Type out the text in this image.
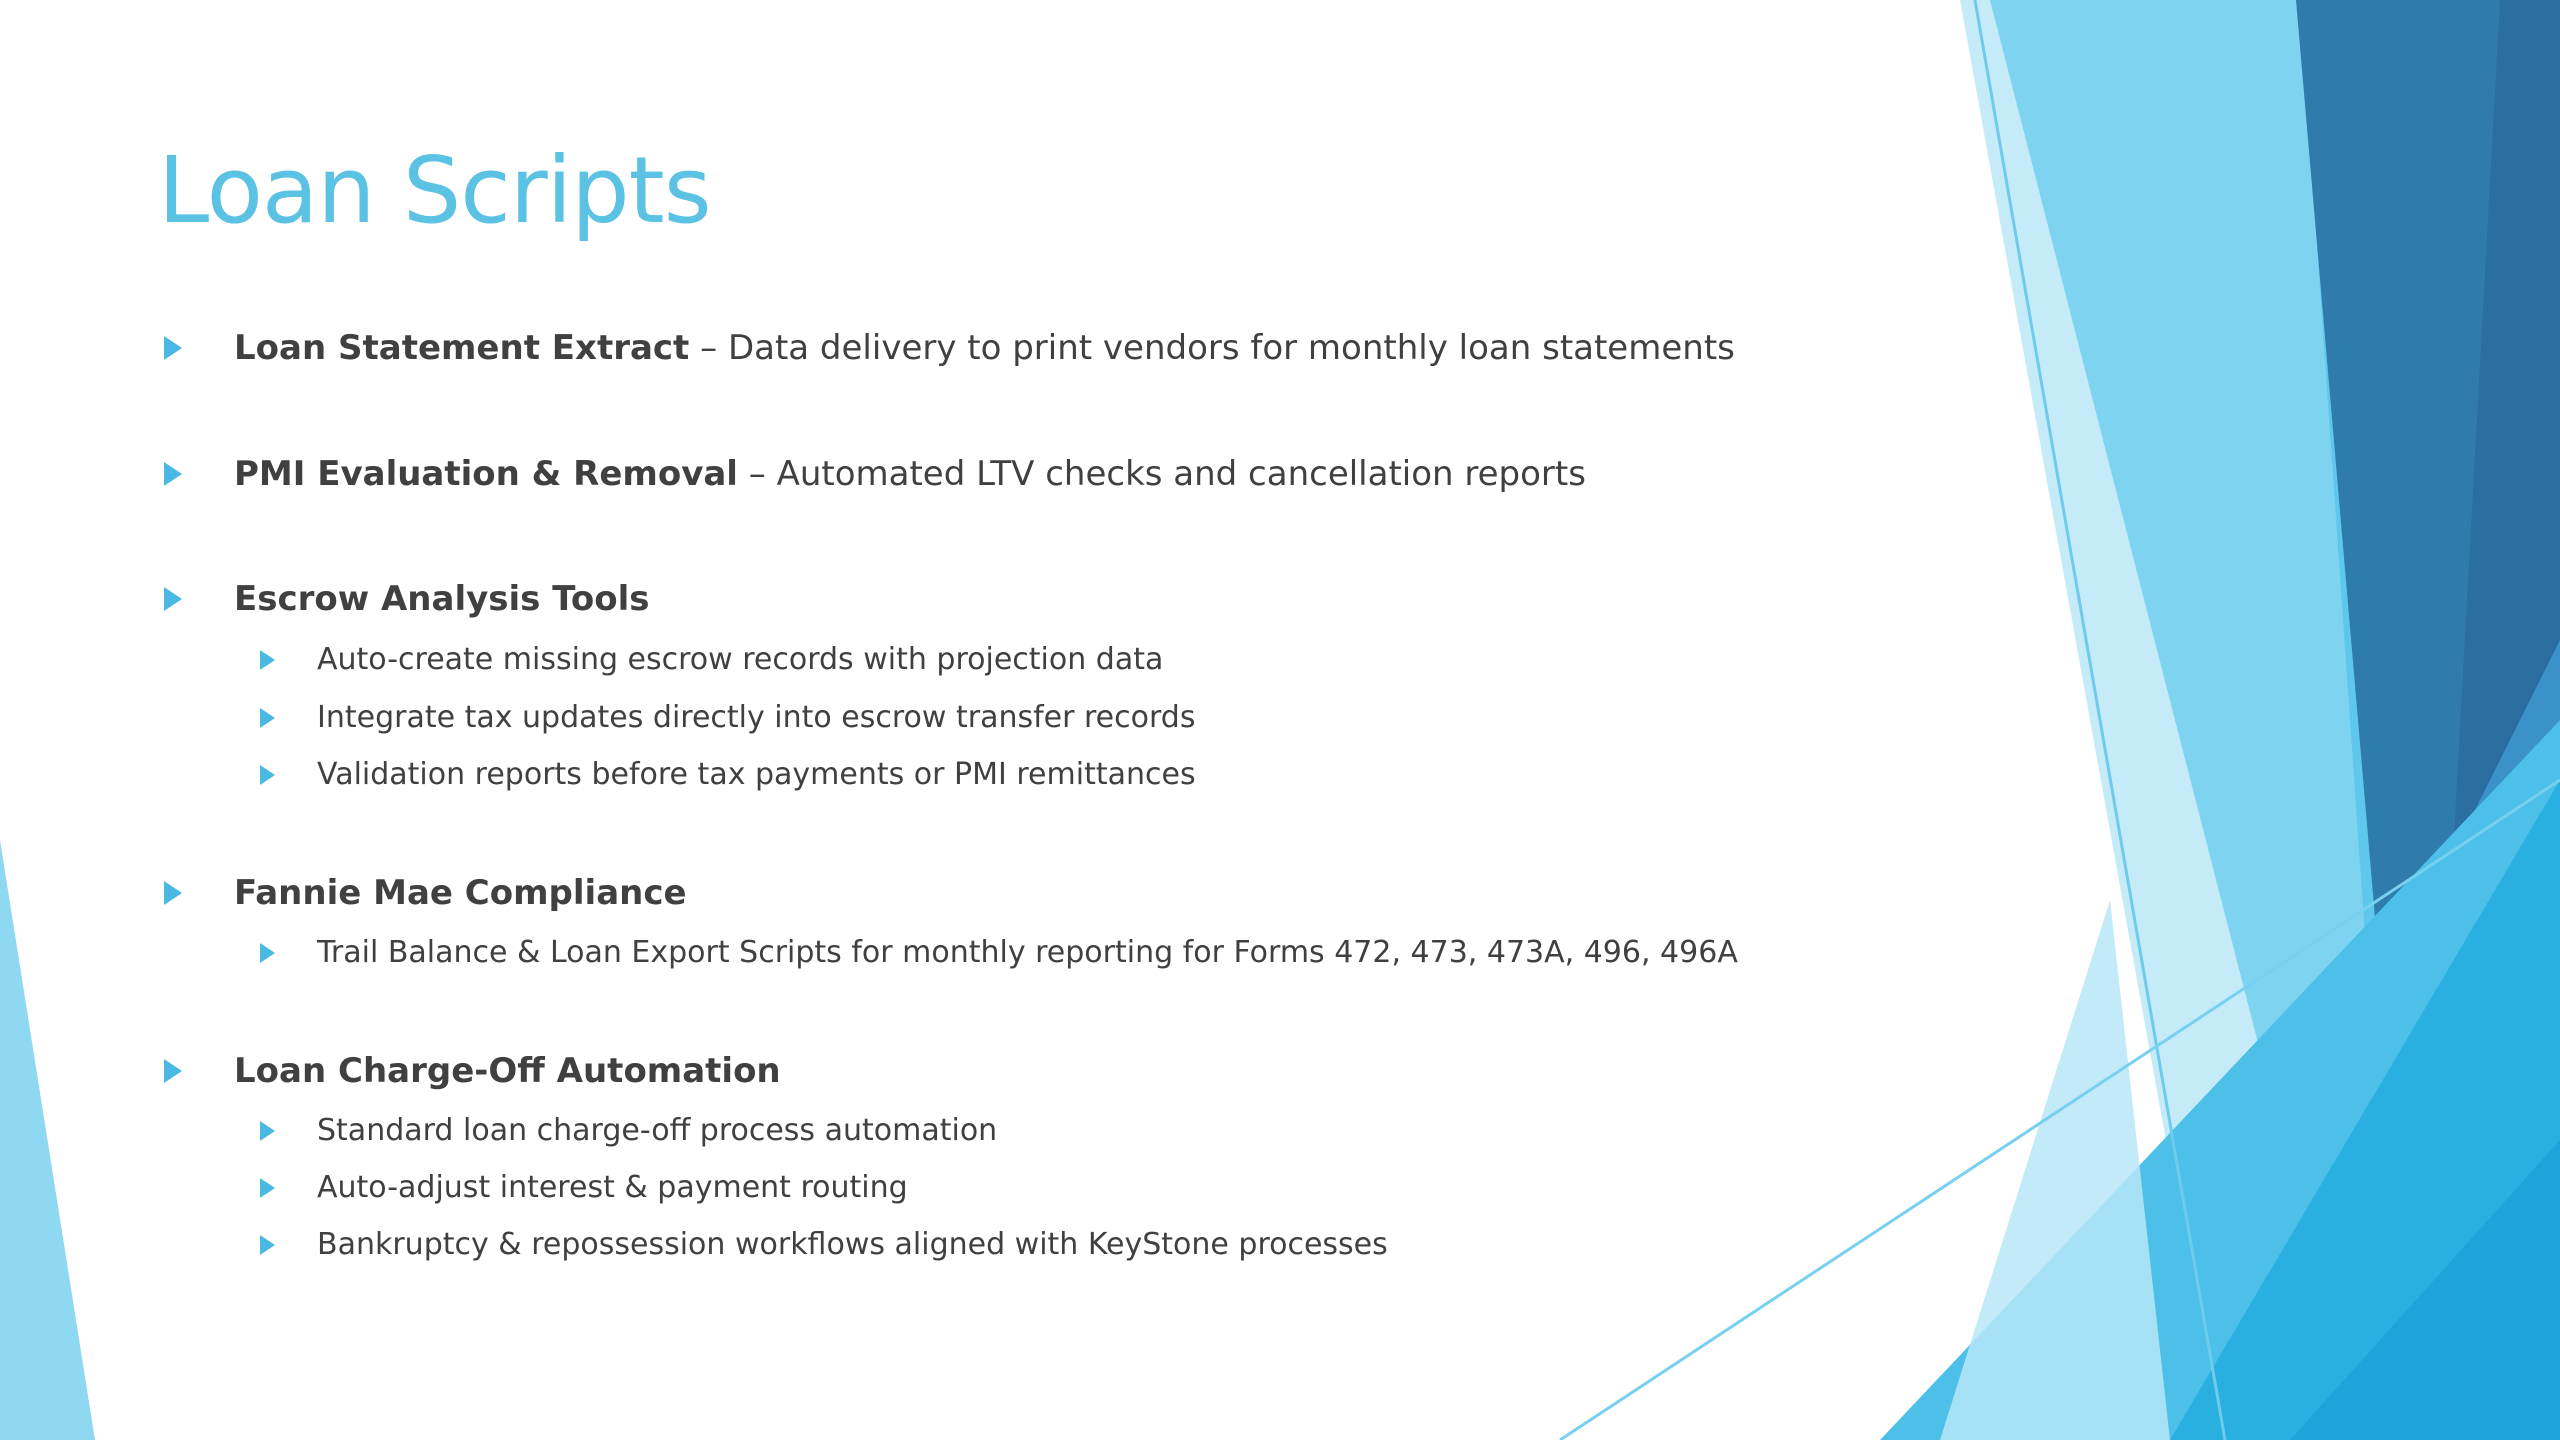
Loan Scripts
Loan Statement Extract – Data delivery to print vendors for monthly loan statements
PMI Evaluation & Removal – Automated LTV checks and cancellation reports
Escrow Analysis Tools
Auto-create missing escrow records with projection data
Integrate tax updates directly into escrow transfer records
Validation reports before tax payments or PMI remittances
Fannie Mae Compliance
Trail Balance & Loan Export Scripts for monthly reporting for Forms 472, 473, 473A, 496, 496A
Loan Charge-Off Automation
Standard loan charge-off process automation
Auto-adjust interest & payment routing
Bankruptcy & repossession workflows aligned with KeyStone processes
